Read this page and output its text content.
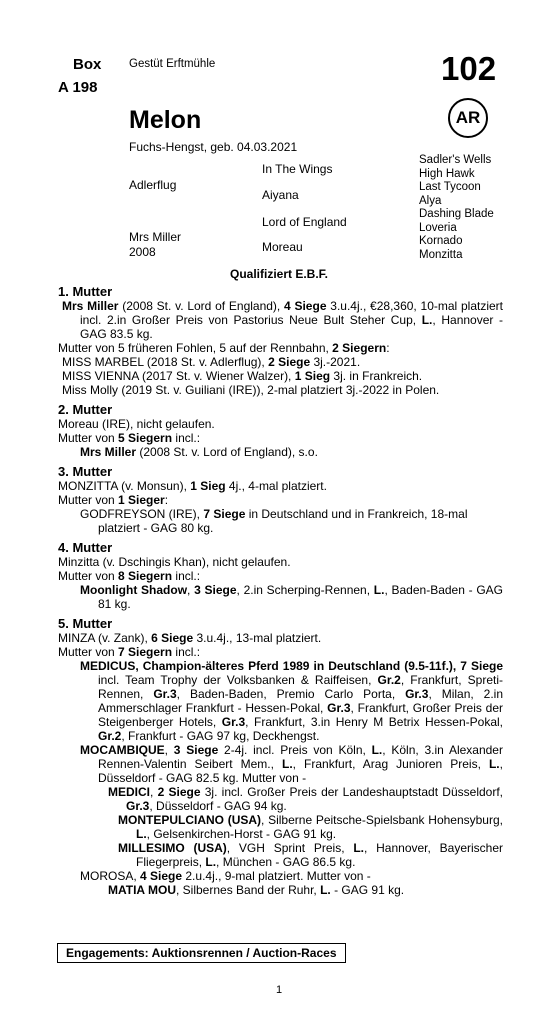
Box
A 198
Gestüt Erftmühle	102
AR
Melon
Fuchs-Hengst, geb. 04.03.2021
Adlerflug
Mrs Miller
2008
In The Wings
Aiyana
Lord of England
Moreau
Sadler's Wells
High Hawk
Last Tycoon
Alya
Dashing Blade
Loveria
Kornado
Monzitta
Qualifiziert E.B.F.
1. Mutter

Mrs Miller (2008 St. v. Lord of England), 4 Siege 3.u.4j., €28,360, 10-mal platziert incl. 2.in Großer Preis von Pastorius Neue Bult Steher Cup, L., Hannover - GAG 83.5 kg.

Mutter von 5 früheren Fohlen, 5 auf der Rennbahn, 2 Siegern:

MISS MARBEL (2018 St. v. Adlerflug), 2 Siege 3j.-2021.

MISS VIENNA (2017 St. v. Wiener Walzer), 1 Sieg 3j. in Frankreich.

Miss Molly (2019 St. v. Guiliani (IRE)), 2-mal platziert 3j.-2022 in Polen.

2. Mutter

Moreau (IRE), nicht gelaufen.

Mutter von 5 Siegern incl.:

Mrs Miller (2008 St. v. Lord of England), s.o.

3. Mutter

MONZITTA (v. Monsun), 1 Sieg 4j., 4-mal platziert.

Mutter von 1 Sieger:

GODFREYSON (IRE), 7 Siege in Deutschland und in Frankreich, 18-mal platziert - GAG 80 kg.

4. Mutter

Minzitta (v. Dschingis Khan), nicht gelaufen.

Mutter von 8 Siegern incl.:

Moonlight Shadow, 3 Siege, 2.in Scherping-Rennen, L., Baden-Baden - GAG 81 kg.

5. Mutter

MINZA (v. Zank), 6 Siege 3.u.4j., 13-mal platziert.

Mutter von 7 Siegern incl.:

MEDICUS, Champion-älteres Pferd 1989 in Deutschland (9.5-11f.), 7 Siege incl. Team Trophy der Volksbanken & Raiffeisen, Gr.2, Frankfurt, Spreti-Rennen, Gr.3, Baden-Baden, Premio Carlo Porta, Gr.3, Milan, 2.in Ammerschlager Frankfurt - Hessen-Pokal, Gr.3, Frankfurt, Großer Preis der Steigenberger Hotels, Gr.3, Frankfurt, 3.in Henry M Betrix Hessen-Pokal, Gr.2, Frankfurt - GAG 97 kg, Deckhengst.

MOCAMBIQUE, 3 Siege 2-4j. incl. Preis von Köln, L., Köln, 3.in Alexander Rennen-Valentin Seibert Mem., L., Frankfurt, Arag Junioren Preis, L., Düsseldorf - GAG 82.5 kg. Mutter von -

MEDICI, 2 Siege 3j. incl. Großer Preis der Landeshauptstadt Düsseldorf, Gr.3, Düsseldorf - GAG 94 kg.

MONTEPULCIANO (USA), Silberne Peitsche-Spielsbank Hohensyburg, L., Gelsenkirchen-Horst - GAG 91 kg.

MILLESIMO (USA), VGH Sprint Preis, L., Hannover, Bayerischer Fliegerpreis, L., München - GAG 86.5 kg.

MOROSA, 4 Siege 2.u.4j., 9-mal platziert. Mutter von -

MATIA MOU, Silbernes Band der Ruhr, L. - GAG 91 kg.

Engagements: Auktionsrennen / Auction-Races
1
